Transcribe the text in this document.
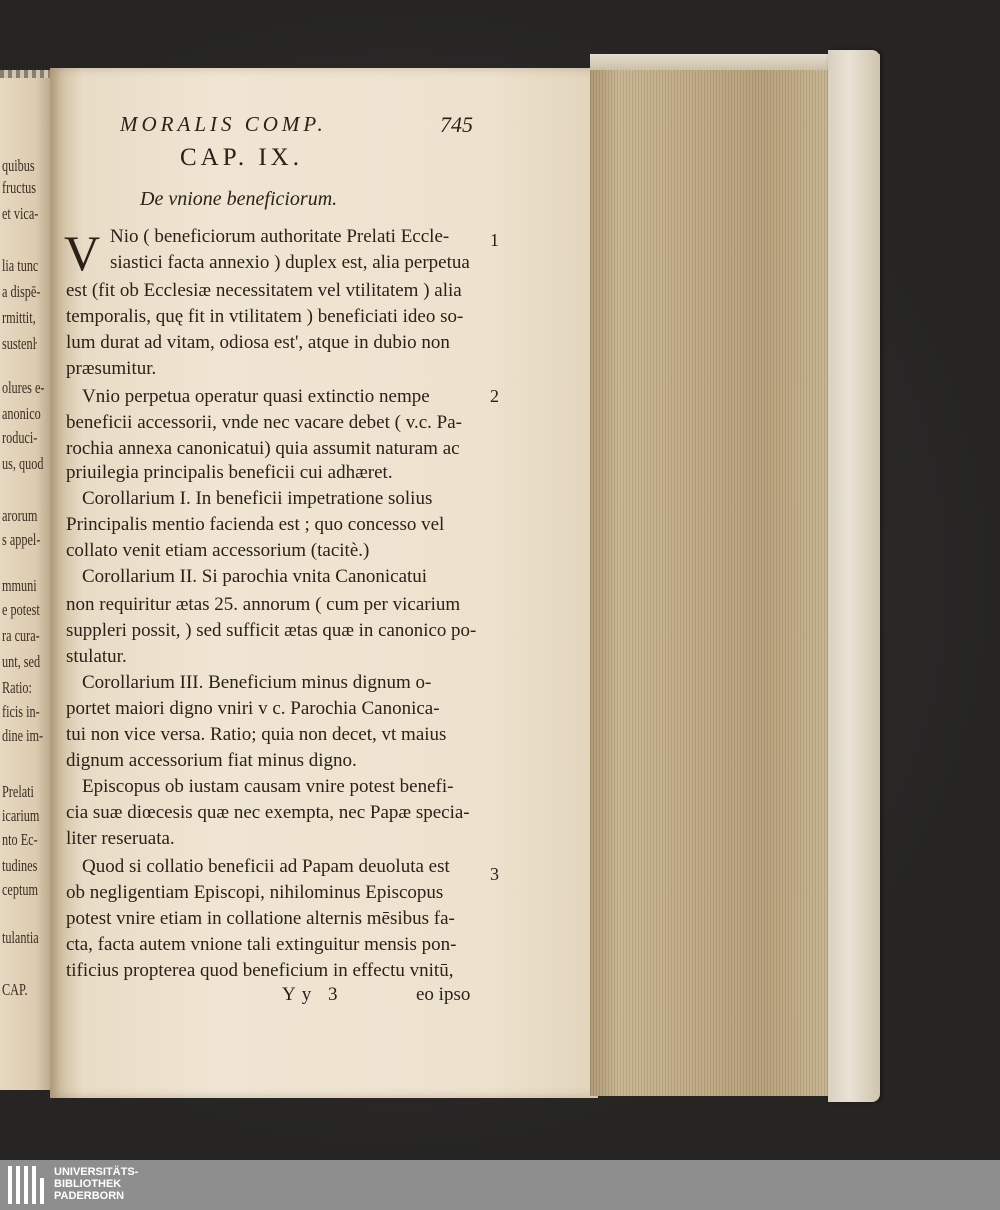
quibus
fructus
et vica-
lia tunc
a dispē-
rmittit,
sustenŀ
olures e-
anonico
roduci-
us, quod
arorum
s appel-
mmuni
e potest
ra cura-
unt, sed
Ratio:
ficis in-
dine im-
Prelati
icarium
nto Ec-
tudines
ceptum
tulantia
CAP.
MORALIS COMP.	745
CAP. IX.
De vnione beneficiorum.
V Nio ( beneficiorum authoritate Prelati Eccle-
siastici facta annexio ) duplex est, alia perpetua
est (fit ob Ecclesiæ necessitatem vel vtilitatem ) alia
temporalis, quę fit in vtilitatem ) beneficiati ideo so-
lum durat ad vitam, odiosa est', atque in dubio non
præsumitur.
Vnio perpetua operatur quasi extinctio nempe
beneficii accessorii, vnde nec vacare debet ( v.c. Pa-
rochia annexa canonicatui) quia assumit naturam ac
priuilegia principalis beneficii cui adhæret.
Corollarium I. In beneficii impetratione solius
Principalis mentio facienda est ; quo concesso vel
collato venit etiam accessorium (tacitè.)
Corollarium II. Si parochia vnita Canonicatui
non requiritur ætas 25. annorum ( cum per vicarium
suppleri possit, ) sed sufficit ætas quæ in canonico po-
stulatur.
Corollarium III. Beneficium minus dignum o-
portet maiori digno vniri v c. Parochia Canonica-
tui non vice versa. Ratio; quia non decet, vt maius
dignum accessorium fiat minus digno.
Episcopus ob iustam causam vnire potest benefi-
cia suæ diœcesis quæ nec exempta, nec Papæ specia-
liter reseruata.
Quod si collatio beneficii ad Papam deuoluta est
ob negligentiam Episcopi, nihilominus Episcopus
potest vnire etiam in collatione alternis mēsibus fa-
cta, facta autem vnione tali extinguitur mensis pon-
tificius propterea quod beneficium in effectu vnitū,
1
2
3
Yy 3	eo ipso
UNIVERSITÄTS-
BIBLIOTHEK
PADERBORN
